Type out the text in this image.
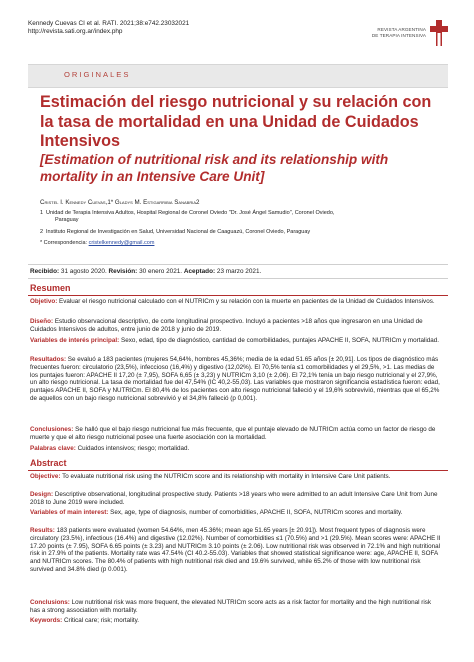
Kennedy Cuevas CI et al. RATI. 2021;38:e742.23032021
http://revista.sati.org.ar/index.php	REVISTA ARGENTINA
DE TERAPIA INTENSIVA
ORIGINALES
Estimación del riesgo nutricional y su relación con la tasa de mortalidad en una Unidad de Cuidados Intensivos
[Estimation of nutritional risk and its relationship with mortality in an Intensive Care Unit]
Cristel I. Kennedy Cuevas,1* Gladys M. Estigarribia Sanabria2
1 Unidad de Terapia Intensiva Adultos, Hospital Regional de Coronel Oviedo "Dr. José Ángel Samudio", Coronel Oviedo,
Paraguay
2 Instituto Regional de Investigación en Salud, Universidad Nacional de Caaguazú, Coronel Oviedo, Paraguay
* Correspondencia: cristelkennedy@gmail.com
Recibido: 31 agosto 2020. Revisión: 30 enero 2021. Aceptado: 23 marzo 2021.
Resumen
Objetivo: Evaluar el riesgo nutricional calculado con el NUTRICm y su relación con la muerte en pacientes de la Unidad de Cuidados Intensivos.
Diseño: Estudio observacional descriptivo, de corte longitudinal prospectivo. Incluyó a pacientes >18 años que ingresaron en una Unidad de Cuidados Intensivos de adultos, entre junio de 2018 y junio de 2019.
Variables de interés principal: Sexo, edad, tipo de diagnóstico, cantidad de comorbilidades, puntajes APACHE II, SOFA, NUTRICm y mortalidad.
Resultados: Se evaluó a 183 pacientes (mujeres 54,64%, hombres 45,36%; media de la edad 51.65 años [± 20,91]. Los tipos de diagnóstico más frecuentes fueron: circulatorio (23,5%), infeccioso (16,4%) y digestivo (12,02%). El 70,5% tenía ≤1 comorbilidades y el 29,5%, >1. Las medias de los puntajes fueron: APACHE II 17,20 (± 7,95), SOFA 6,65 (± 3,23) y NUTRICm 3,10 (± 2,06). El 72,1% tenía un bajo riesgo nutricional y el 27,9%, un alto riesgo nutricional. La tasa de mortalidad fue del 47,54% (IC 40,2-55,03). Las variables que mostraron significancia estadística fueron: edad, puntajes APACHE II, SOFA y NUTRICm. El 80,4% de los pacientes con alto riesgo nutricional falleció y el 19,6% sobrevivió, mientras que el 65,2% de aquellos con un bajo riesgo nutricional sobrevivió y el 34,8% falleció (p 0,001).
Conclusiones: Se halló que el bajo riesgo nutricional fue más frecuente, que el puntaje elevado de NUTRICm actúa como un factor de riesgo de muerte y que el alto riesgo nutricional posee una fuerte asociación con la mortalidad.
Palabras clave: Cuidados intensivos; riesgo; mortalidad.
Abstract
Objective: To evaluate nutritional risk using the NUTRICm score and its relationship with mortality in Intensive Care Unit patients.
Design: Descriptive observational, longitudinal prospective study. Patients >18 years who were admitted to an adult Intensive Care Unit from June 2018 to June 2019 were included.
Variables of main interest: Sex, age, type of diagnosis, number of comorbidities, APACHE II, SOFA, NUTRICm scores and mortality.
Results: 183 patients were evaluated (women 54.64%, men 45.36%; mean age 51.65 years [± 20.91]). Most frequent types of diagnosis were circulatory (23.5%), infectious (16.4%) and digestive (12.02%). Number of comorbidities ≤1 (70.5%) and >1 (29.5%). Mean scores were: APACHE II 17.20 points (± 7.95), SOFA 6.65 points (± 3.23) and NUTRICm 3.10 points (± 2.06). Low nutritional risk was observed in 72.1% and high nutritional risk in 27.9% of the patients. Mortality rate was 47.54% (CI 40.2-55.03). Variables that showed statistical significance were: age, APACHE II, SOFA and NUTRICm scores. The 80.4% of patients with high nutritional risk died and 19.6% survived, while 65.2% of those with low nutritional risk survived and 34.8% died (p 0.001).
Conclusions: Low nutritional risk was more frequent, the elevated NUTRICm score acts as a risk factor for mortality and the high nutritional risk has a strong association with mortality.
Keywords: Critical care; risk; mortality.
